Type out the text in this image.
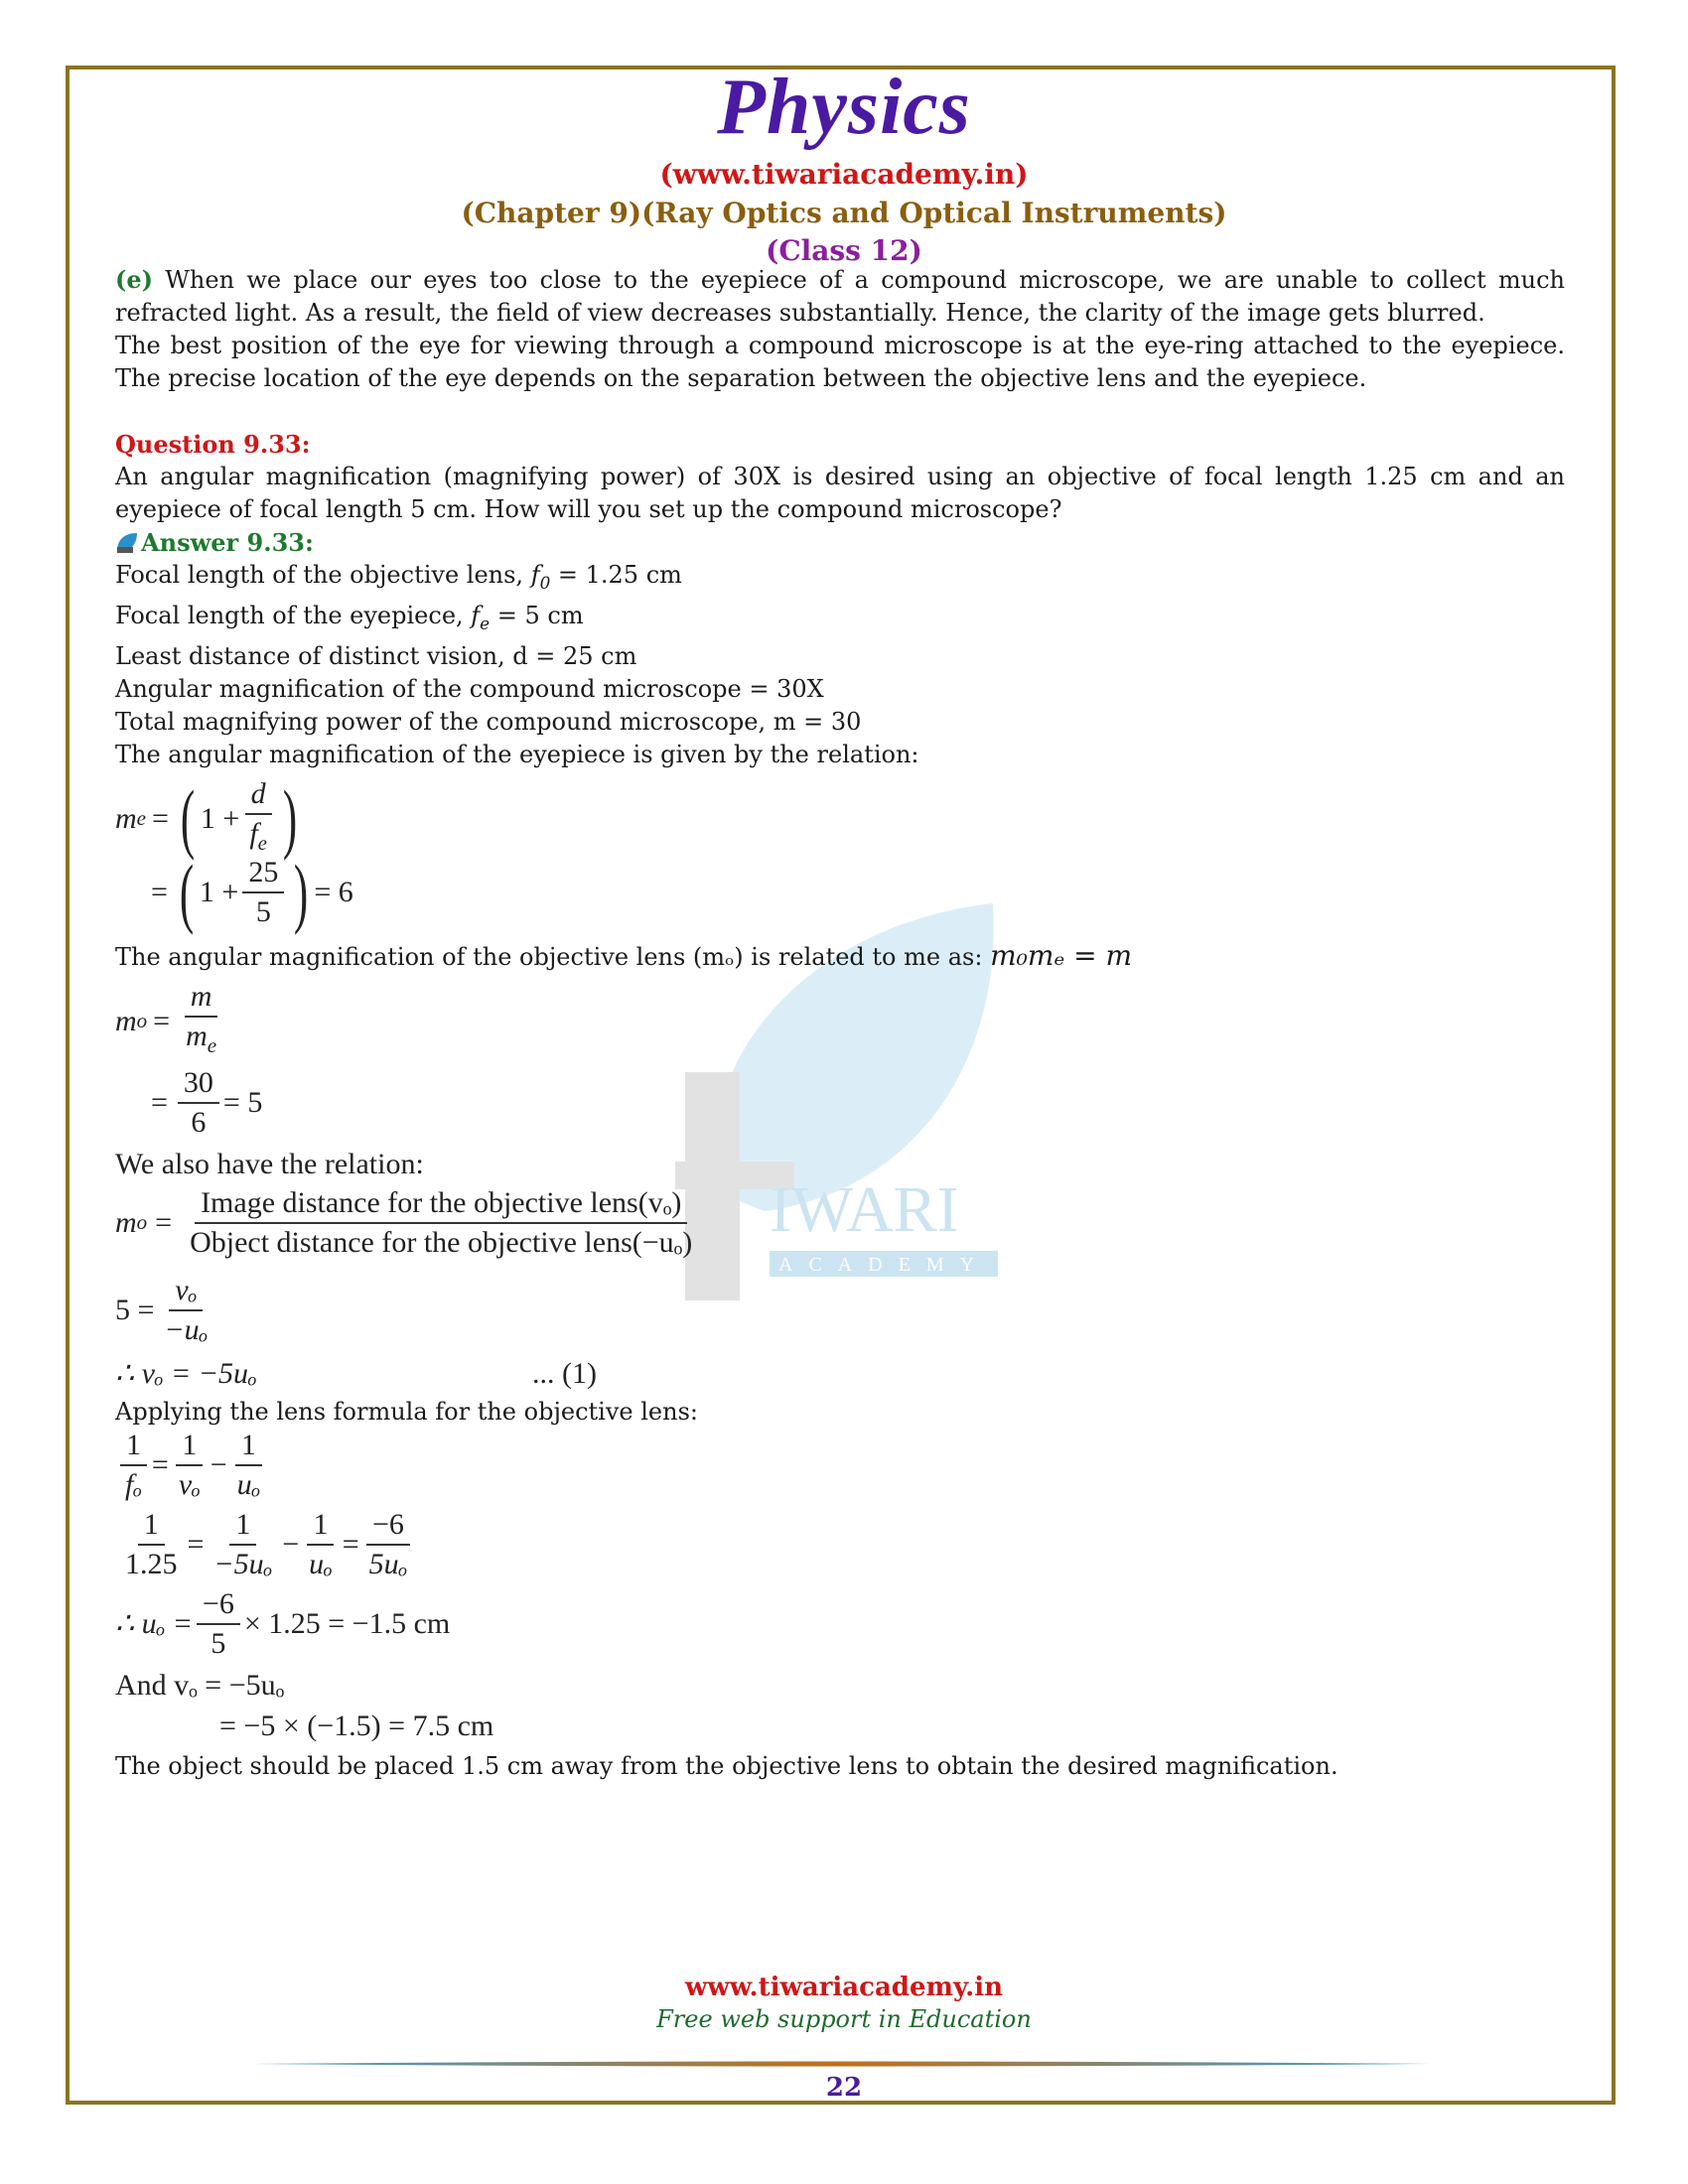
Physics
(www.tiwariacademy.in)
(Chapter 9)(Ray Optics and Optical Instruments)
(Class 12)
IWARI
ACADEMY

(e) When we place our eyes too close to the eyepiece of a compound microscope, we are unable to collect much refracted light. As a result, the field of view decreases substantially. Hence, the clarity of the image gets blurred.

The best position of the eye for viewing through a compound microscope is at the eye-ring attached to the eyepiece. The precise location of the eye depends on the separation between the objective lens and the eyepiece.

Question 9.33:

An angular magnification (magnifying power) of 30X is desired using an objective of focal length 1.25 cm and an eyepiece of focal length 5 cm. How will you set up the compound microscope?

Answer 9.33:

Focal length of the objective lens, $f_0 = 1.25$ cm

Focal length of the eyepiece, $f_e = 5$ cm

Least distance of distinct vision, d = 25 cm

Angular magnification of the compound microscope = 30X

Total magnifying power of the compound microscope, m = 30

The angular magnification of the eyepiece is given by the relation:

m e = ( $1 + \frac{d}{f_e}$ )
= ( $1 + \frac{25}{5}$ ) = 6

The angular magnification of the objective lens (mₒ) is related to me as: m₀mₑ = m

m $o = \frac{m}{m_e}$
= $\frac{30}{6} = 5$

We also have the relation:

m $o = \frac{\text{Image distance for the objective lens(vₒ)}}{\text{Object distance for the objective lens(−uₒ)}}$
$5 = \frac{\text{vₒ}}{\text{−uₒ}}$
∴ vₒ = −5uₒ	... (1)

Applying the lens formula for the objective lens:

$\frac{1}{\text{fₒ}} = \frac{1}{\text{vₒ}} - \frac{1}{\text{uₒ}}$
$\frac{1}{1.25} = \frac{1}{\text{−5uₒ}} - \frac{1}{\text{uₒ}} = \frac{-6}{\text{5uₒ}}$
∴ $u_o = \frac{-6}{5} \times 1.25 = -1.5$ cm
And vₒ = −5uₒ
= −5 × (−1.5) = 7.5 cm

The object should be placed 1.5 cm away from the objective lens to obtain the desired magnification.

www.tiwariacademy.in
Free web support in Education
22
